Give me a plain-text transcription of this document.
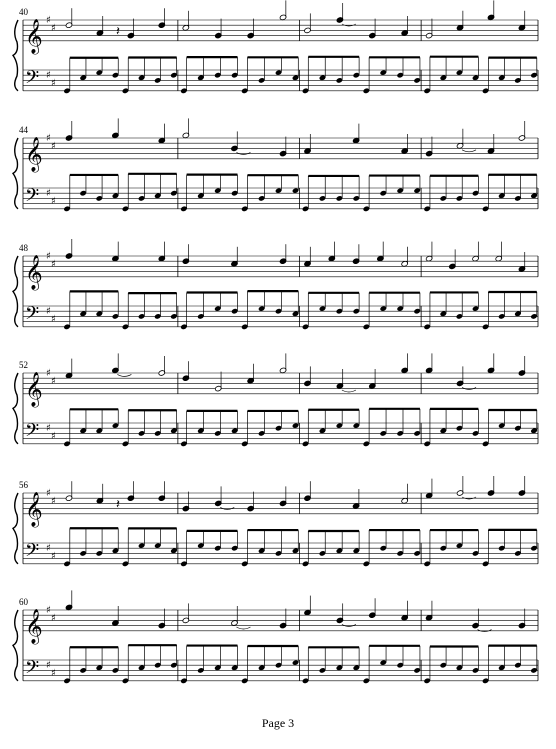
40
𝄞
𝄢
♯
♯
♯
♯
𝄽
44
𝄞
𝄢
♯
♯
♯
♯
48
𝄞
𝄢
♯
♯
♯
♯
52
𝄞
𝄢
♯
♯
♯
♯
56
𝄞
𝄢
♯
♯
♯
♯
𝄽
60
𝄞
𝄢
♯
♯
♯
♯
Page 3
